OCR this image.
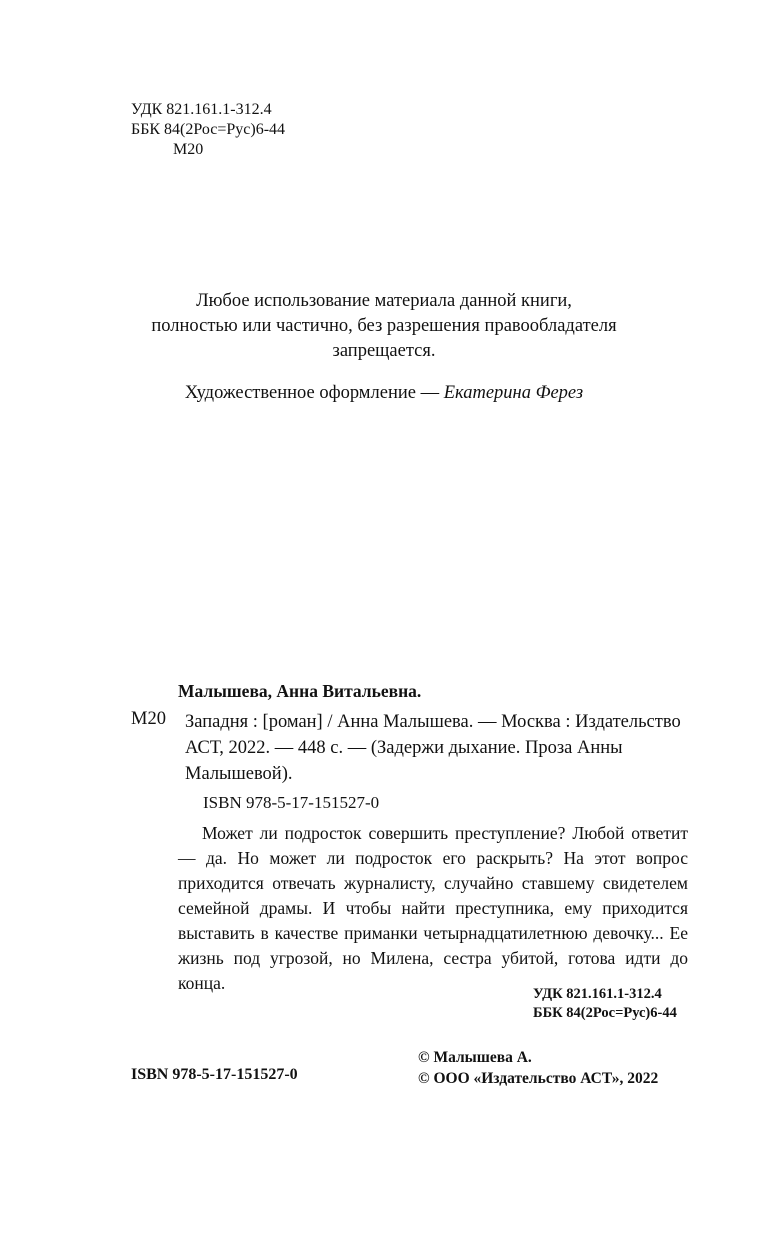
УДК 821.161.1-312.4
ББК 84(2Рос=Рус)6-44
М20
Любое использование материала данной книги,
полностью или частично, без разрешения правообладателя
запрещается.
Художественное оформление — Екатерина Ферез
Малышева, Анна Витальевна.
М20 Западня : [роман] / Анна Малышева. — Москва : Издательство АСТ, 2022. — 448 с. — (Задержи дыхание. Проза Анны Малышевой).
ISBN 978-5-17-151527-0
Может ли подросток совершить преступление? Любой ответит — да. Но может ли подросток его раскрыть? На этот вопрос приходится отвечать журналисту, случайно ставшему свидетелем семейной драмы. И чтобы найти преступника, ему приходится выставить в качестве приманки четырнадцатилетнюю девочку... Ее жизнь под угрозой, но Милена, сестра убитой, готова идти до конца.
УДК 821.161.1-312.4
ББК 84(2Рос=Рус)6-44
ISBN 978-5-17-151527-0
© Малышева А.
© ООО «Издательство АСТ», 2022
